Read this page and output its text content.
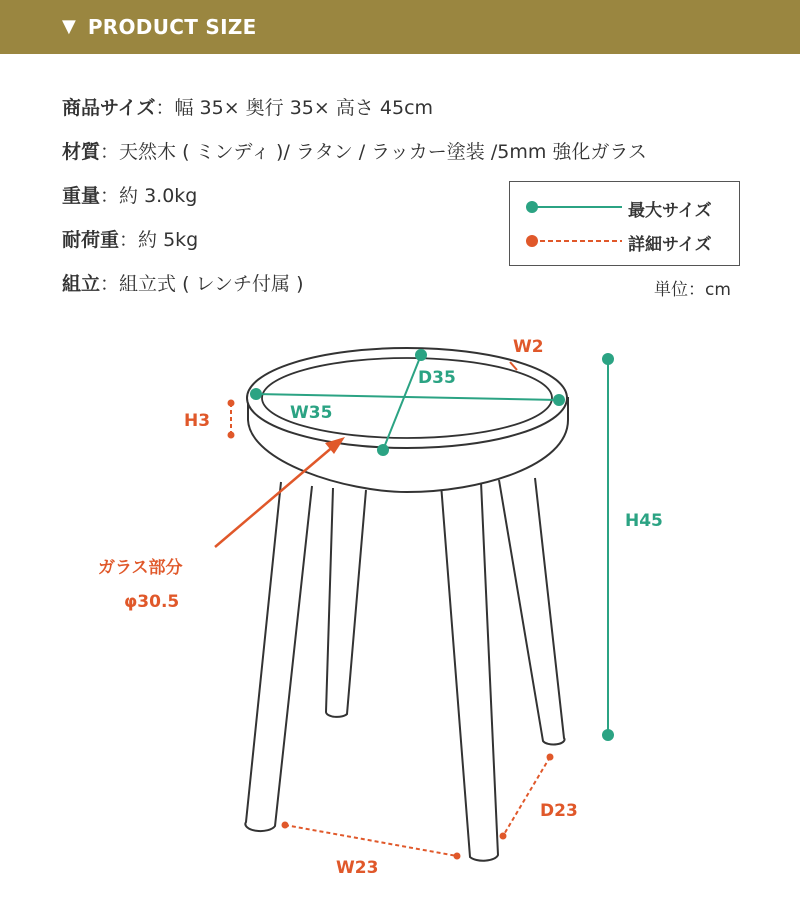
▼ PRODUCT SIZE
商品サイズ ： 幅 35× 奥行 35× 高さ 45cm
材質 ： 天然木 ( ミンディ )/ ラタン / ラッカー塗装 /5mm 強化ガラス
重量 ： 約 3.0kg
耐荷重 ： 約 5kg
組立 ： 組立式 ( レンチ付属 )
最大サイズ
詳細サイズ
単位：cm
W35
D35
W2
H3
H45
ガラス部分
φ30.5
D23
W23
